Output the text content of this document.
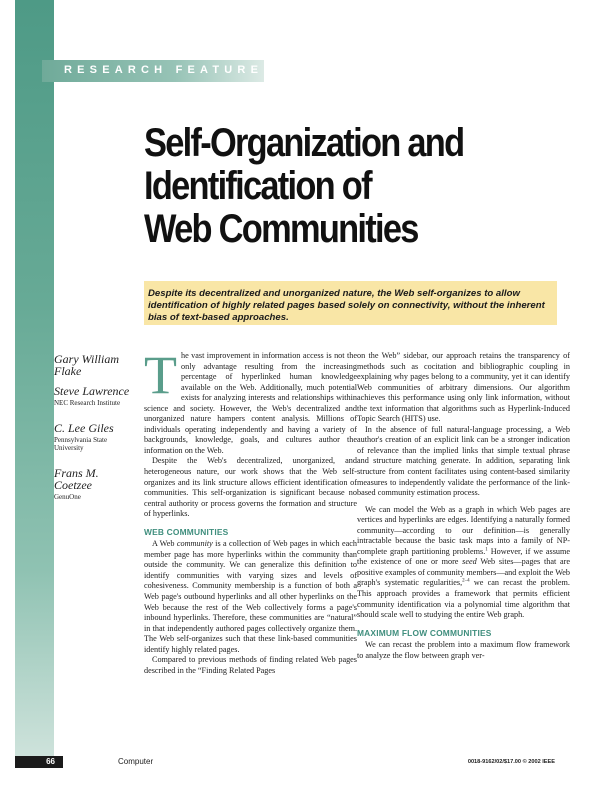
RESEARCH FEATURE
Self-Organization and
Identification of
Web Communities

Despite its decentralized and unorganized nature, the Web self-organizes to allow identification of highly related pages based solely on connectivity, without the inherent bias of text-based approaches.

Gary William Flake
Steve Lawrence
NEC Research Institute
C. Lee Giles
Pennsylvania State University
Frans M. Coetzee
GenuOne

The vast improvement in information access is not the only advantage resulting from the increasing percentage of hyperlinked human knowledge available on the Web. Additionally, much potential exists for analyzing interests and relationships within science and society. However, the Web's decentralized and unorganized nature hampers content analysis. Millions of individuals operating independently and having a variety of backgrounds, knowledge, goals, and cultures author the information on the Web.

Despite the Web's decentralized, unorganized, and heterogeneous nature, our work shows that the Web self-organizes and its link structure allows efficient identification of communities. This self-organization is significant because no central authority or process governs the formation and structure of hyperlinks.

WEB COMMUNITIES

A Web community is a collection of Web pages in which each member page has more hyperlinks within the community than outside the community. We can generalize this definition to identify communities with varying sizes and levels of cohesiveness. Community membership is a function of both a Web page's outbound hyperlinks and all other hyperlinks on the Web because the rest of the Web collectively forms a page's inbound hyperlinks. Therefore, these communities are “natural” in that independently authored pages collectively organize them. The Web self-organizes such that these link-based communities identify highly related pages.

Compared to previous methods of finding related Web pages described in the “Finding Related Pages

on the Web” sidebar, our approach retains the transparency of methods such as cocitation and bibliographic coupling in explaining why pages belong to a community, yet it can identify Web communities of arbitrary dimensions. Our algorithm achieves this performance using only link information, without the text information that algorithms such as Hyperlink-Induced Topic Search (HITS) use.

In the absence of full natural-language processing, a Web author's creation of an explicit link can be a stronger indication of relevance than the implied links that simple textual phrase and structure matching generate. In addition, separating link structure from content facilitates using content-based similarity measures to independently validate the performance of the link-based community estimation process.

We can model the Web as a graph in which Web pages are vertices and hyperlinks are edges. Identifying a naturally formed community—according to our definition—is generally intractable because the basic task maps into a family of NP-complete graph partitioning problems.$^1$ However, if we assume the existence of one or more seed Web sites—pages that are positive examples of community members—and exploit the Web graph's systematic regularities,$^{2-4}$ we can recast the problem. This approach provides a framework that permits efficient community identification via a polynomial time algorithm that should scale well to studying the entire Web graph.

MAXIMUM FLOW COMMUNITIES

We can recast the problem into a maximum flow framework to analyze the flow between graph ver-

66	Computer	0018-9162/02/$17.00 © 2002 IEEE
